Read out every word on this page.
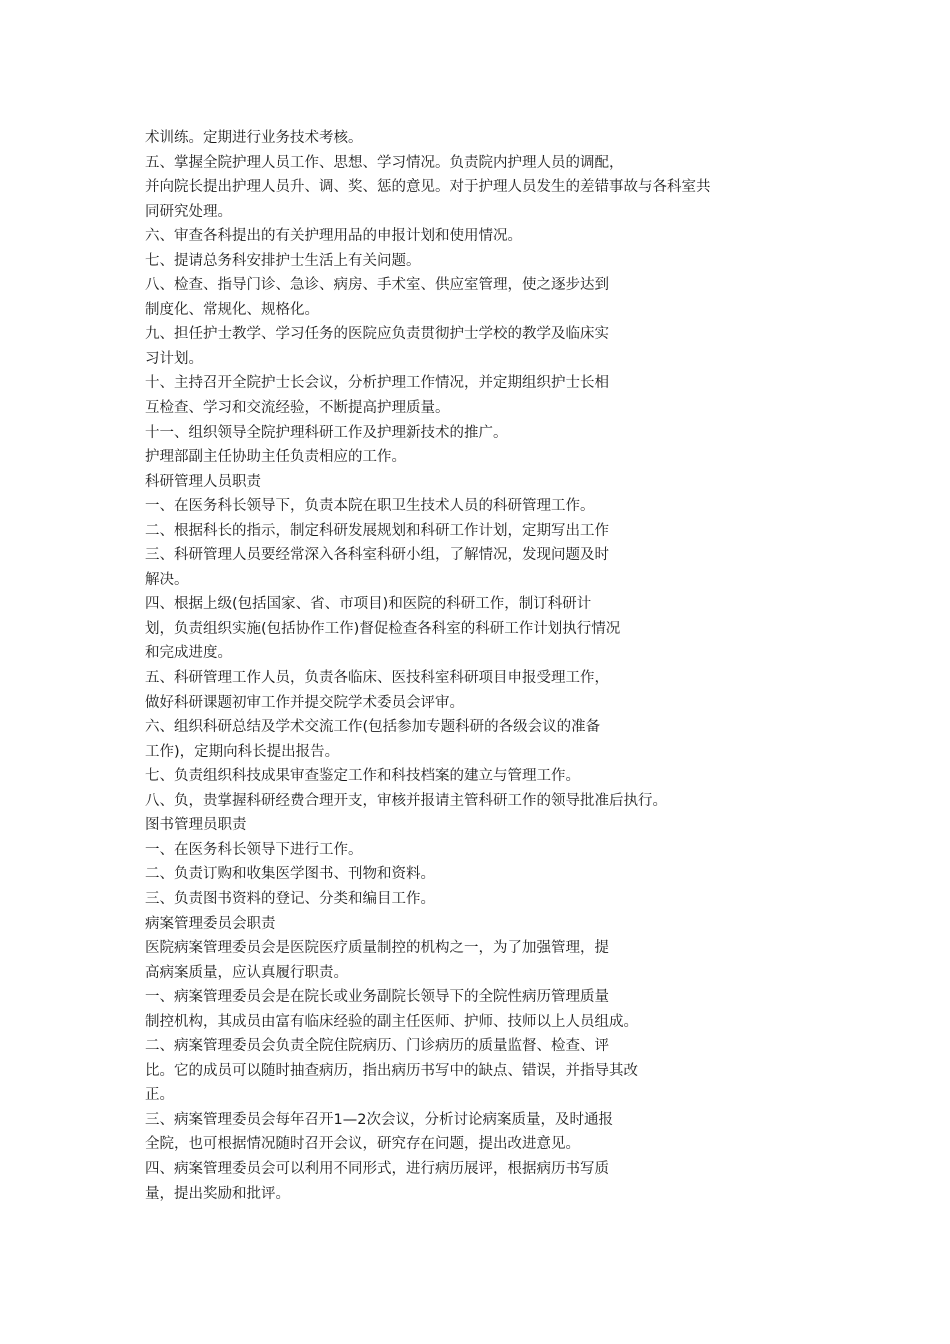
术训练。定期进行业务技术考核。
五、掌握全院护理人员工作、思想、学习情况。负责院内护理人员的调配，
并向院长提出护理人员升、调、奖、惩的意见。对于护理人员发生的差错事故与各科室共
同研究处理。
六、审查各科提出的有关护理用品的申报计划和使用情况。
七、提请总务科安排护士生活上有关问题。
八、检查、指导门诊、急诊、病房、手术室、供应室管理，使之逐步达到
制度化、常规化、规格化。
九、担任护士教学、学习任务的医院应负责贯彻护士学校的教学及临床实
习计划。
十、主持召开全院护士长会议，分析护理工作情况，并定期组织护士长相
互检查、学习和交流经验，不断提高护理质量。
十一、组织领导全院护理科研工作及护理新技术的推广。
护理部副主任协助主任负责相应的工作。
科研管理人员职责
一、在医务科长领导下，负责本院在职卫生技术人员的科研管理工作。
二、根据科长的指示，制定科研发展规划和科研工作计划，定期写出工作
三、科研管理人员要经常深入各科室科研小组，了解情况，发现问题及时
解决。
四、根据上级(包括国家、省、市项目)和医院的科研工作，制订科研计
划，负责组织实施(包括协作工作)督促检查各科室的科研工作计划执行情况
和完成进度。
五、科研管理工作人员，负责各临床、医技科室科研项目申报受理工作，
做好科研课题初审工作并提交院学术委员会评审。
六、组织科研总结及学术交流工作(包括参加专题科研的各级会议的准备
工作)，定期向科长提出报告。
七、负责组织科技成果审查鉴定工作和科技档案的建立与管理工作。
八、负，贵掌握科研经费合理开支，审核并报请主管科研工作的领导批准后执行。
图书管理员职责
一、在医务科长领导下进行工作。
二、负责订购和收集医学图书、刊物和资料。
三、负责图书资料的登记、分类和编目工作。
病案管理委员会职责
医院病案管理委员会是医院医疗质量制控的机构之一，为了加强管理，提
高病案质量，应认真履行职责。
一、病案管理委员会是在院长或业务副院长领导下的全院性病历管理质量
制控机构，其成员由富有临床经验的副主任医师、护师、技师以上人员组成。
二、病案管理委员会负责全院住院病历、门诊病历的质量监督、检查、评
比。它的成员可以随时抽查病历，指出病历书写中的缺点、错误，并指导其改
正。
三、病案管理委员会每年召开1—2次会议，分析讨论病案质量，及时通报
全院，也可根据情况随时召开会议，研究存在问题，提出改进意见。
四、病案管理委员会可以利用不同形式，进行病历展评，根据病历书写质
量，提出奖励和批评。
